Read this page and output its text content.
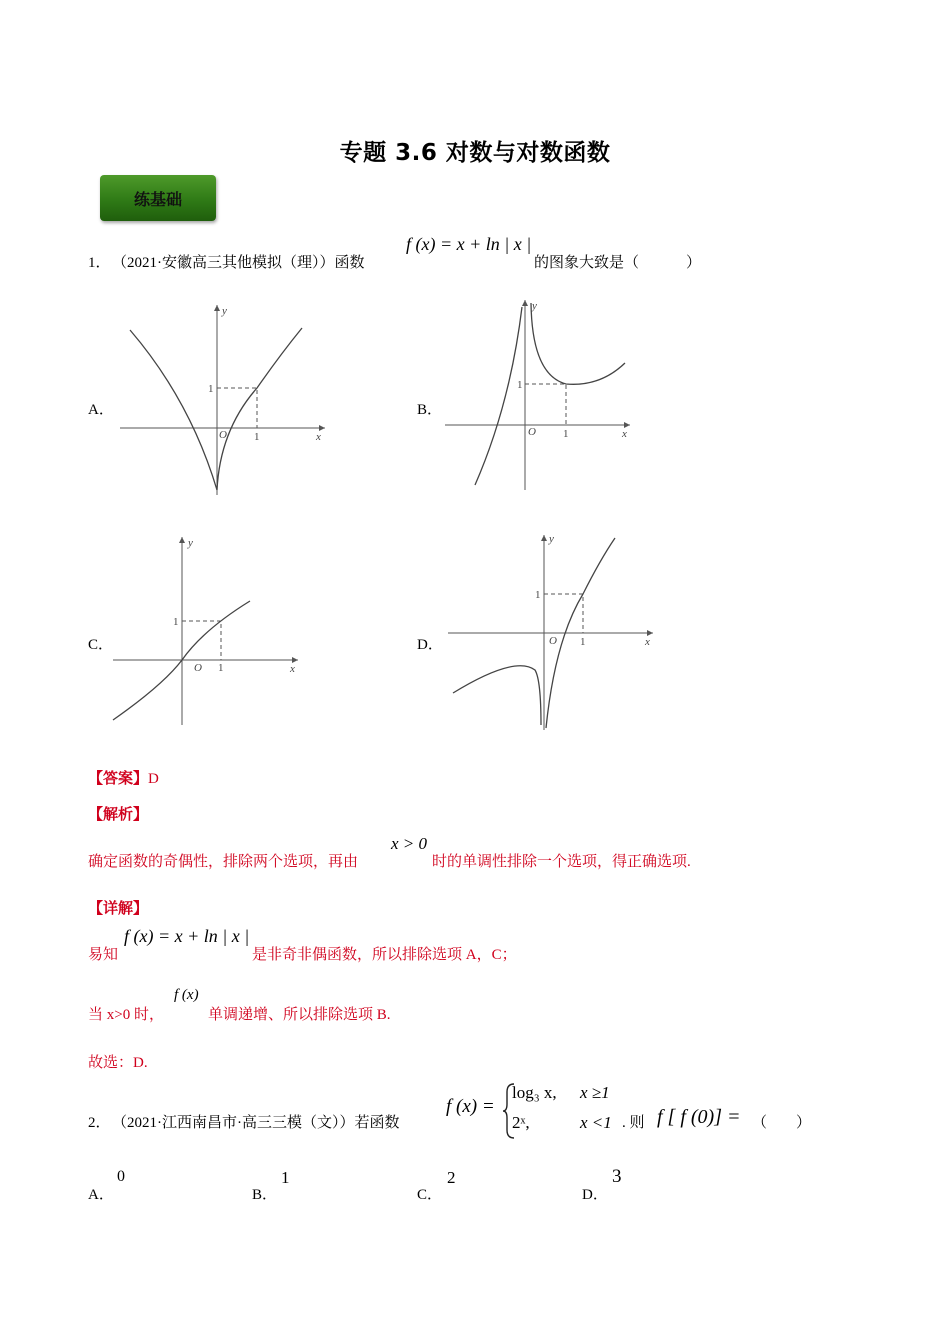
专题 3.6 对数与对数函数
练基础
1． （2021·安徽高三其他模拟（理））函数
f (x) = x + ln | x |
的图象大致是（	）
A．	B．
C．	D．
y
x
O 1
1
y
x
O 1
1
y
x
O 1
1
y
x
O 1
1
【答案】D
【解析】
确定函数的奇偶性，排除两个选项，再由
x > 0
时的单调性排除一个选项，得正确选项.
【详解】
易知
f (x) = x + ln | x |
是非奇非偶函数，所以排除选项 A，C；
当 x>0 时，
f (x)
单调递增、所以排除选项 B.
故选：D.
2． （2021·江西南昌市·高三三模（文））若函数
f (x) =
log₃ x, x ≥1
2ˣ,	x <1 . 则 f [ f (0)] = （ ）
A．
0
B．
1
C．
2
D．
3
